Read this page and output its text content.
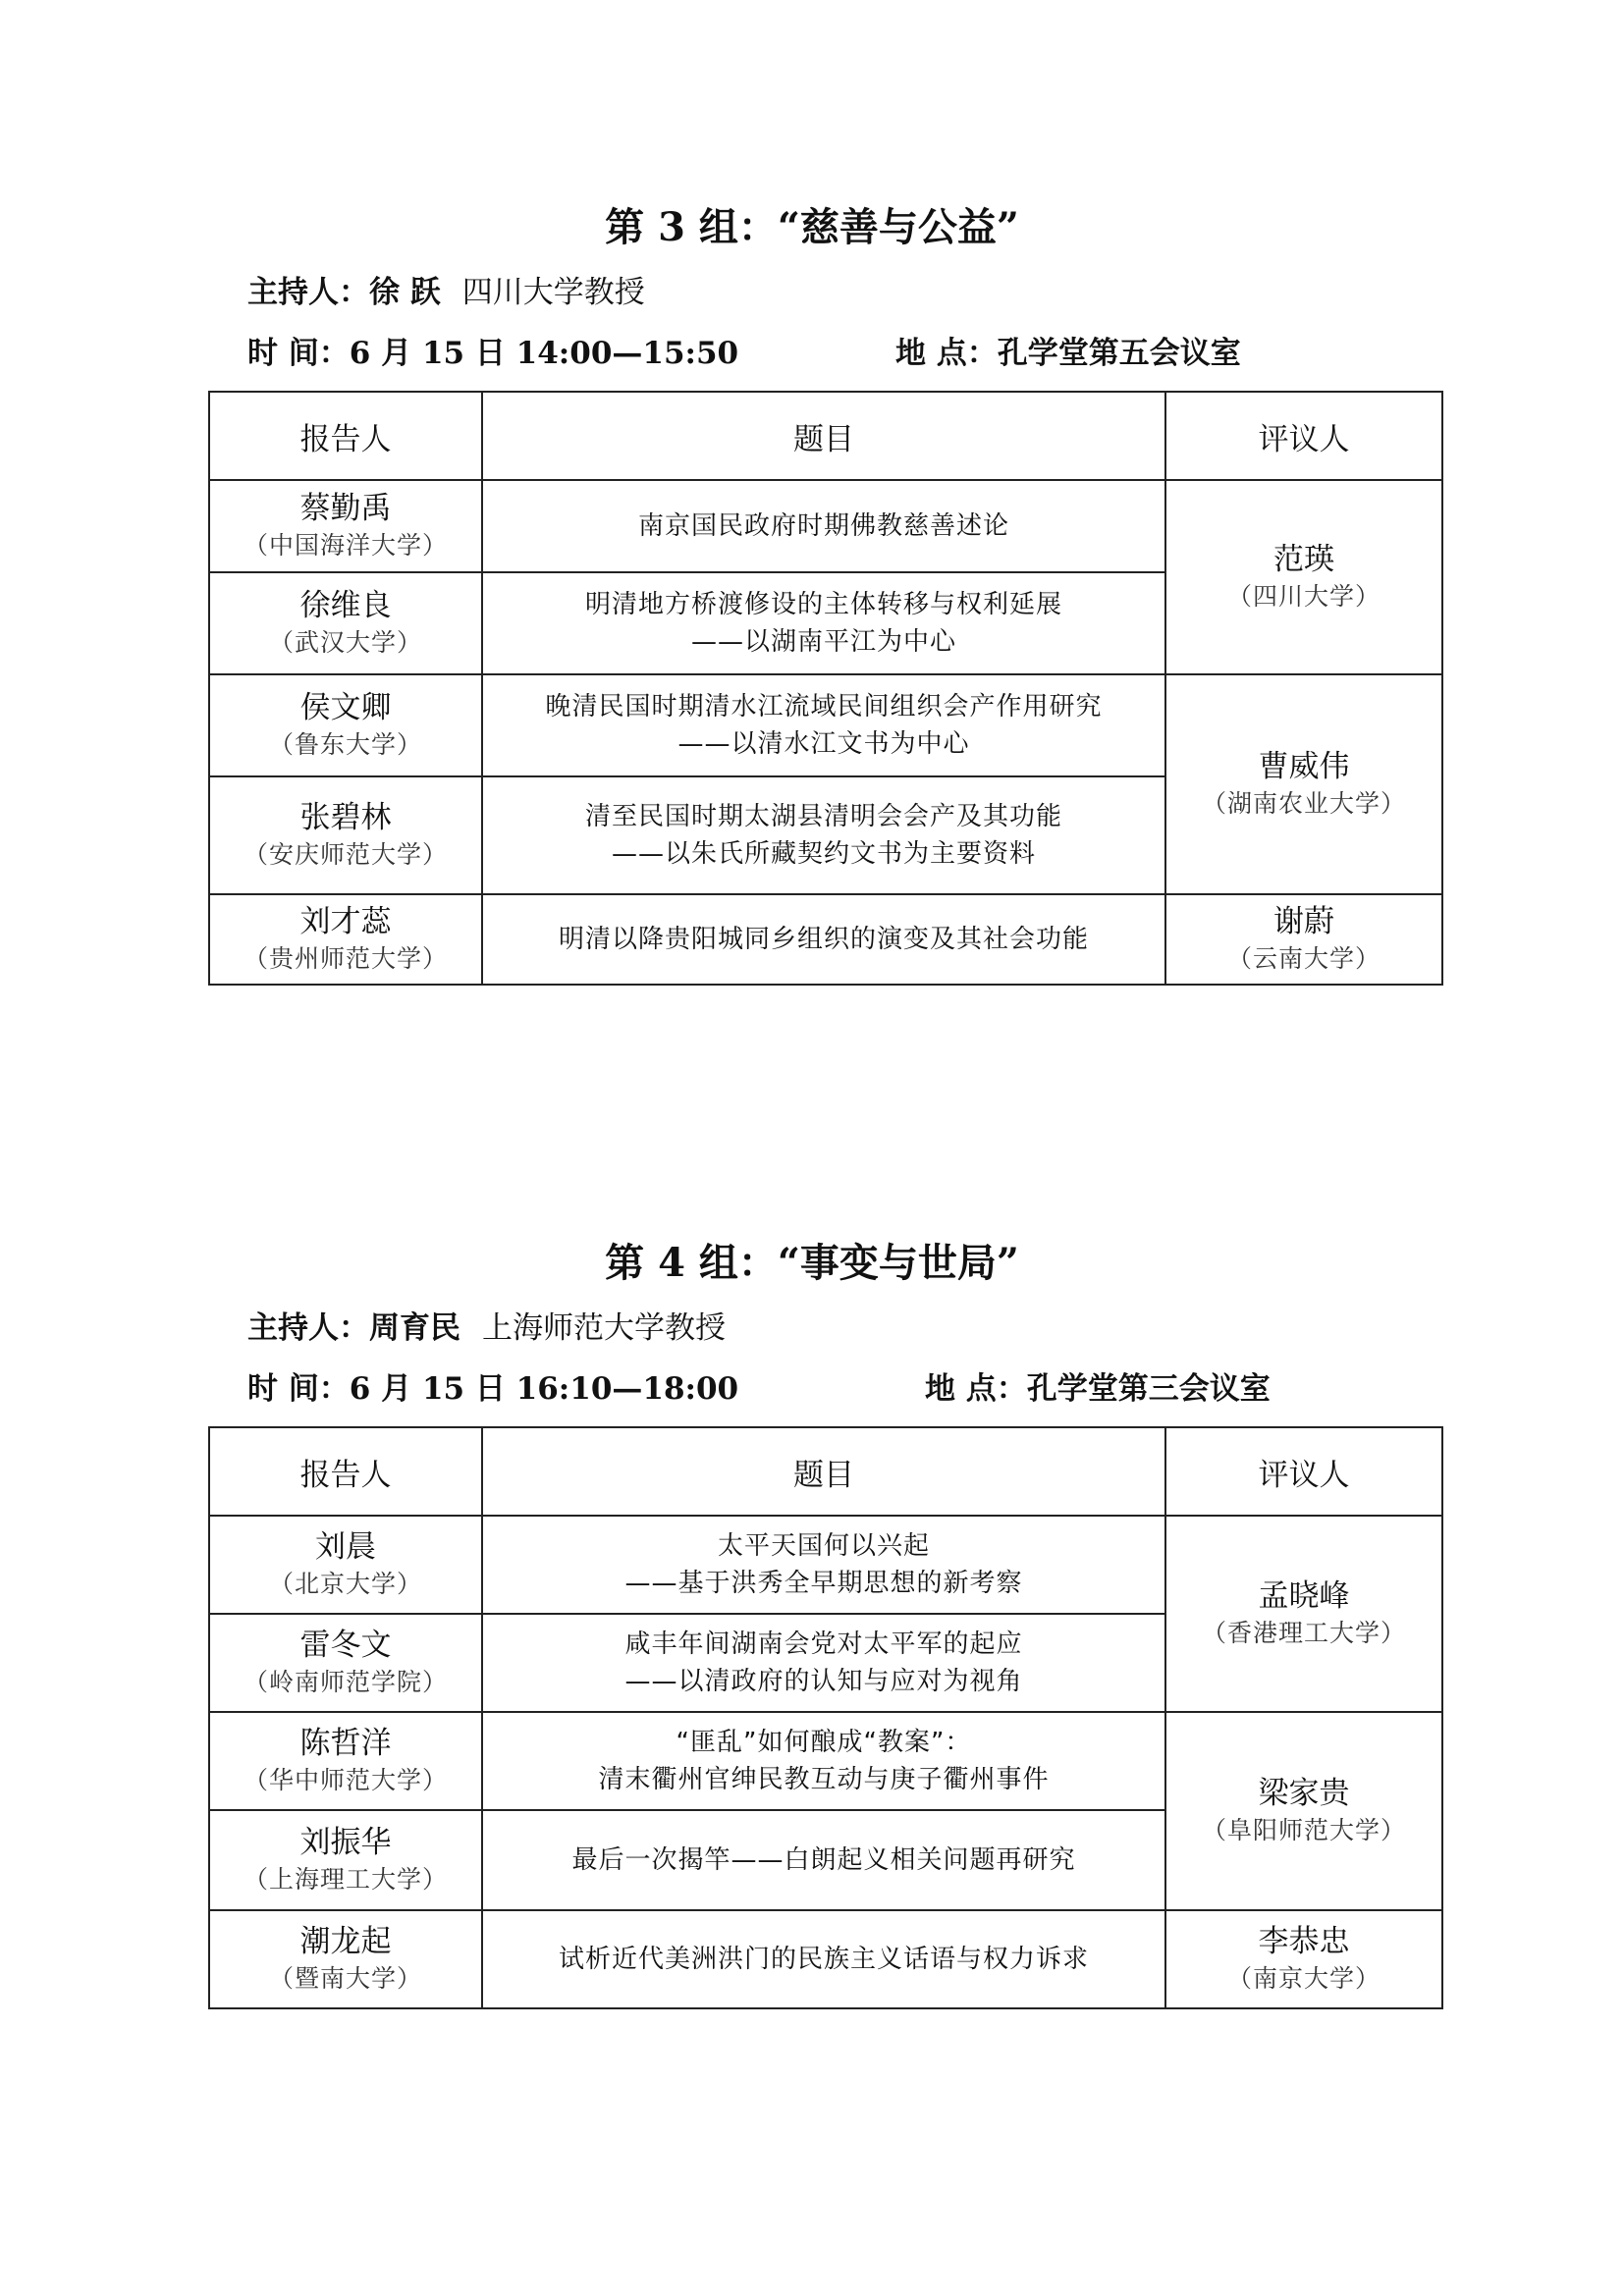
第 3 组：“慈善与公益”
主持人：徐 跃 四川大学教授
时 间：6 月 15 日 14:00—15:50	地 点：孔学堂第五会议室
报告人	题目	评议人

蔡勤禹
（中国海洋大学）	南京国民政府时期佛教慈善述论	范瑛
（四川大学）

徐维良
（武汉大学）	明清地方桥渡修设的主体转移与权利延展
——以湖南平江为中心	

侯文卿
（鲁东大学）	晚清民国时期清水江流域民间组织会产作用研究
——以清水江文书为中心	曹威伟
（湖南农业大学）

张碧林
（安庆师范大学）	清至民国时期太湖县清明会会产及其功能
——以朱氏所藏契约文书为主要资料	

刘才蕊
（贵州师范大学）	明清以降贵阳城同乡组织的演变及其社会功能	谢蔚
（云南大学）
第 4 组：“事变与世局”
主持人：周育民 上海师范大学教授
时 间：6 月 15 日 16:10—18:00	地 点：孔学堂第三会议室
报告人	题目	评议人

刘晨
（北京大学）	太平天国何以兴起
——基于洪秀全早期思想的新考察	孟晓峰
（香港理工大学）

雷冬文
（岭南师范学院）	咸丰年间湖南会党对太平军的起应
——以清政府的认知与应对为视角	

陈哲洋
（华中师范大学）	“匪乱”如何酿成“教案”：
清末衢州官绅民教互动与庚子衢州事件	梁家贵
（阜阳师范大学）

刘振华
（上海理工大学）	最后一次揭竿——白朗起义相关问题再研究	

潮龙起
（暨南大学）	试析近代美洲洪门的民族主义话语与权力诉求	李恭忠
（南京大学）
